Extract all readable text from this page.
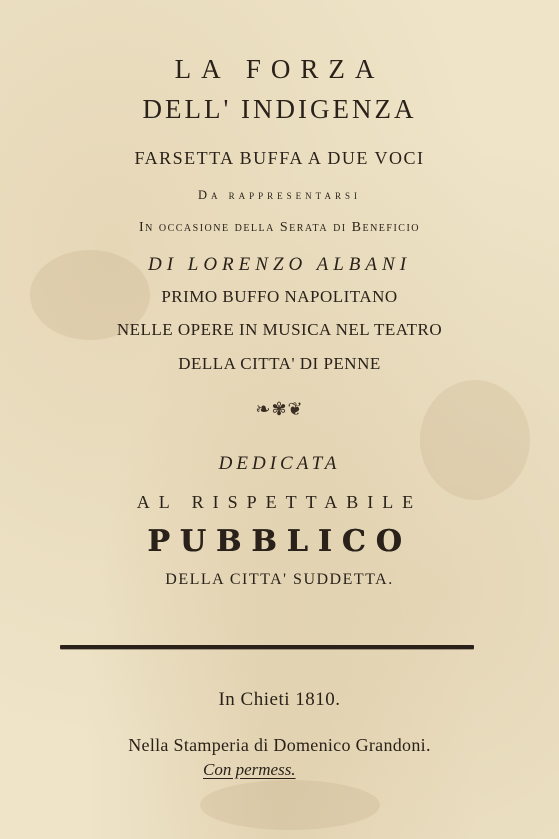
LA FORZA
DELL' INDIGENZA
FARSETTA BUFFA A DUE VOCI
Da rappresentarsi
In occasione della Serata di Beneficio
DI LORENZO ALBANI
PRIMO BUFFO NAPOLITANO
NELLE OPERE IN MUSICA NEL TEATRO
DELLA CITTA' DI PENNE
❧✾❦
DEDICATA
AL RISPETTABILE
PUBBLICO
DELLA CITTA' SUDDETTA.
In Chieti 1810.
Nella Stamperia di Domenico Grandoni.
Con permess.
